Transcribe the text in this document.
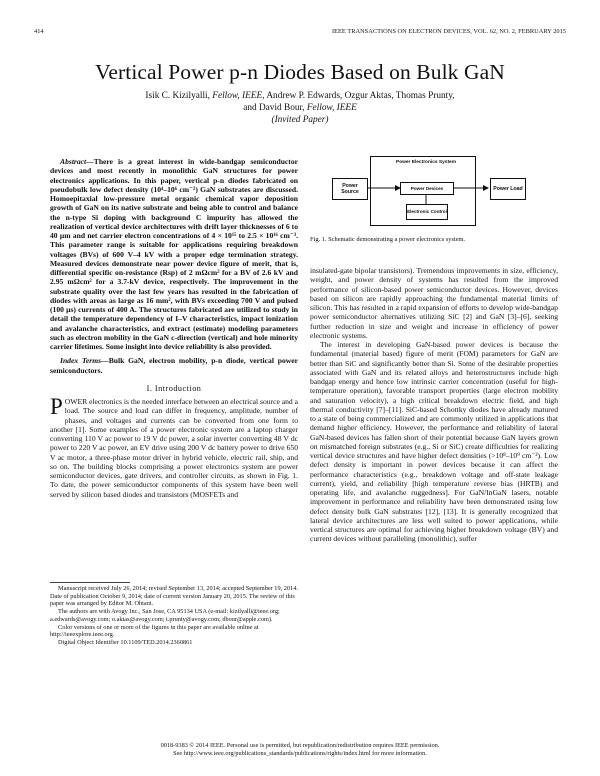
414	IEEE TRANSACTIONS ON ELECTRON DEVICES, VOL. 62, NO. 2, FEBRUARY 2015
Vertical Power p-n Diodes Based on Bulk GaN
Isik C. Kizilyalli, Fellow, IEEE, Andrew P. Edwards, Ozgur Aktas, Thomas Prunty,
and David Bour, Fellow, IEEE
(Invited Paper)

Abstract—There is a great interest in wide-bandgap semiconductor devices and most recently in monolithic GaN structures for power electronics applications. In this paper, vertical p-n diodes fabricated on pseudobulk low defect density (10⁴–10⁶ cm⁻²) GaN substrates are discussed. Homoepitaxial low-pressure metal organic chemical vapor deposition growth of GaN on its native substrate and being able to control and balance the n-type Si doping with background C impurity has allowed the realization of vertical device architectures with drift layer thicknesses of 6 to 40 μm and net carrier electron concentrations of 4 × 10¹⁵ to 2.5 × 10¹⁶ cm⁻³. This parameter range is suitable for applications requiring breakdown voltages (BVs) of 600 V–4 kV with a proper edge termination strategy. Measured devices demonstrate near power device figure of merit, that is, differential specific on-resistance (Rsp) of 2 mΩcm² for a BV of 2.6 kV and 2.95 mΩcm² for a 3.7-kV device, respectively. The improvement in the substrate quality over the last few years has resulted in the fabrication of diodes with areas as large as 16 mm², with BVs exceeding 700 V and pulsed (100 μs) currents of 400 A. The structures fabricated are utilized to study in detail the temperature dependency of I–V characteristics, impact ionization and avalanche characteristics, and extract (estimate) modeling parameters such as electron mobility in the GaN c-direction (vertical) and hole minority carrier lifetimes. Some insight into device reliability is also provided.

Index Terms—Bulk GaN, electron mobility, p-n diode, vertical power semiconductors.

I. Introduction

POWER electronics is the needed interface between an electrical source and a load. The source and load can differ in frequency, amplitude, number of phases, and voltages and currents can be converted from one form to another [1]. Some examples of a power electronic system are a laptop charger converting 110 V ac power to 19 V dc power, a solar inverter converting 48 V dc power to 220 V ac power, an EV drive using 200 V dc battery power to drive 650 V ac motor, a three-phase motor driver in hybrid vehicle, electric rail, ship, and so on. The building blocks comprising a power electronics system are power semiconductor devices, gate drivers, and controller circuits, as shown in Fig. 1. To date, the power semiconductor components of this system have been well served by silicon based diodes and transistors (MOSFETs and

Manuscript received July 26, 2014; revised September 13, 2014; accepted September 19, 2014. Date of publication October 9, 2014; date of current version January 20, 2015. The review of this paper was arranged by Editor M. Ohtani.

The authors are with Avogy Inc., San Jose, CA 95134 USA (e-mail: kizilyalli@ieee.org; a.edwards@avogy.com; o.aktas@avogy.com; t.prunty@avogy.com; dbour@apple.com).

Color versions of one or more of the figures in this paper are available online at http://ieeexplore.ieee.org.

Digital Object Identifier 10.1109/TED.2014.2360861

Power Electronics System
Power Source
Power Devices
Electronic Control
Power Load
Fig. 1. Schematic demonstrating a power electronics system.

insulated-gate bipolar transistors). Tremendous improvements in size, efficiency, weight, and power density of systems has resulted from the improved performance of silicon-based power semiconductor devices. However, devices based on silicon are rapidly approaching the fundamental material limits of silicon. This has resulted in a rapid expansion of efforts to develop wide-bandgap power semiconductor alternatives utilizing SiC [2] and GaN [3]–[6], seeking further reduction in size and weight and increase in efficiency of power electronic systems.

The interest in developing GaN-based power devices is because the fundamental (material based) figure of merit (FOM) parameters for GaN are better than SiC and significantly better than Si. Some of the desirable properties associated with GaN and its related alloys and heterostructures include high bandgap energy and hence low intrinsic carrier concentration (useful for high-temperature operation), favorable transport properties (large electron mobility and saturation velocity), a high critical breakdown electric field, and high thermal conductivity [7]–[11]. SiC-based Schottky diodes have already matured to a state of being commercialized and are commonly utilized in applications that demand higher efficiency. However, the performance and reliability of lateral GaN-based devices has fallen short of their potential because GaN layers grown on mismatched foreign substrates (e.g., Si or SiC) create difficulties for realizing vertical device structures and have higher defect densities (>10⁸–10⁹ cm⁻²). Low defect density is important in power devices because it can affect the performance characteristics (e.g., breakdown voltage and off-state leakage current), yield, and reliability [high temperature reverse bias (HRTB) and operating life, and avalanche ruggedness]. For GaN/InGaN lasers, notable improvement in performance and reliability have been demonstrated using low defect density bulk GaN substrates [12], [13]. It is generally recognized that lateral device architectures are less well suited to power applications, while vertical structures are optimal for achieving higher breakdown voltage (BV) and current devices without paralleling (monolithic), suffer

0018-9383 © 2014 IEEE. Personal use is permitted, but republication/redistribution requires IEEE permission.
See http://www.ieee.org/publications_standards/publications/rights/index.html for more information.
